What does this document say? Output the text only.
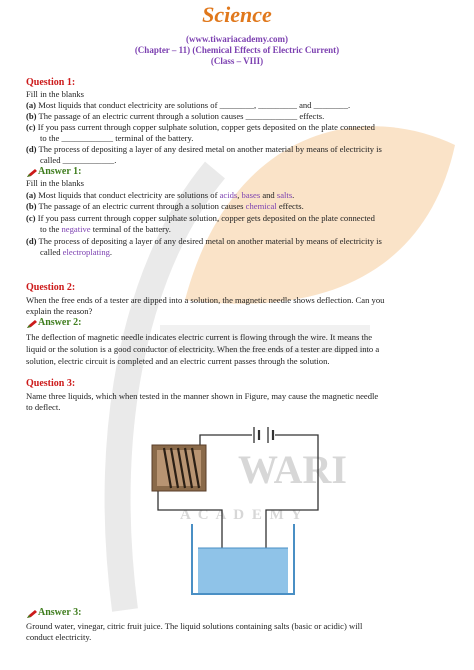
WARI
A C A D E M Y
Science
(www.tiwariacademy.com)
(Chapter – 11) (Chemical Effects of Electric Current)
(Class – VIII)
Question 1:
Fill in the blanks
(a) Most liquids that conduct electricity are solutions of ________, _________ and ________.
(b) The passage of an electric current through a solution causes ____________ effects.
(c) If you pass current through copper sulphate solution, copper gets deposited on the plate connected
to the ____________ terminal of the battery.
(d) The process of depositing a layer of any desired metal on another material by means of electricity is
called ____________.
Answer 1:
Fill in the blanks
(a) Most liquids that conduct electricity are solutions of acids, bases and salts.
(b) The passage of an electric current through a solution causes chemical effects.
(c) If you pass current through copper sulphate solution, copper gets deposited on the plate connected
to the negative terminal of the battery.
(d) The process of depositing a layer of any desired metal on another material by means of electricity is
called electroplating.
Question 2:
When the free ends of a tester are dipped into a solution, the magnetic needle shows deflection. Can you
explain the reason?
Answer 2:
The deflection of magnetic needle indicates electric current is flowing through the wire. It means the
liquid or the solution is a good conductor of electricity. When the free ends of a tester are dipped into a
solution, electric circuit is completed and an electric current passes through the solution.
Question 3:
Name three liquids, which when tested in the manner shown in Figure, may cause the magnetic needle
to deflect.
Answer 3:
Ground water, vinegar, citric fruit juice. The liquid solutions containing salts (basic or acidic) will
conduct electricity.
